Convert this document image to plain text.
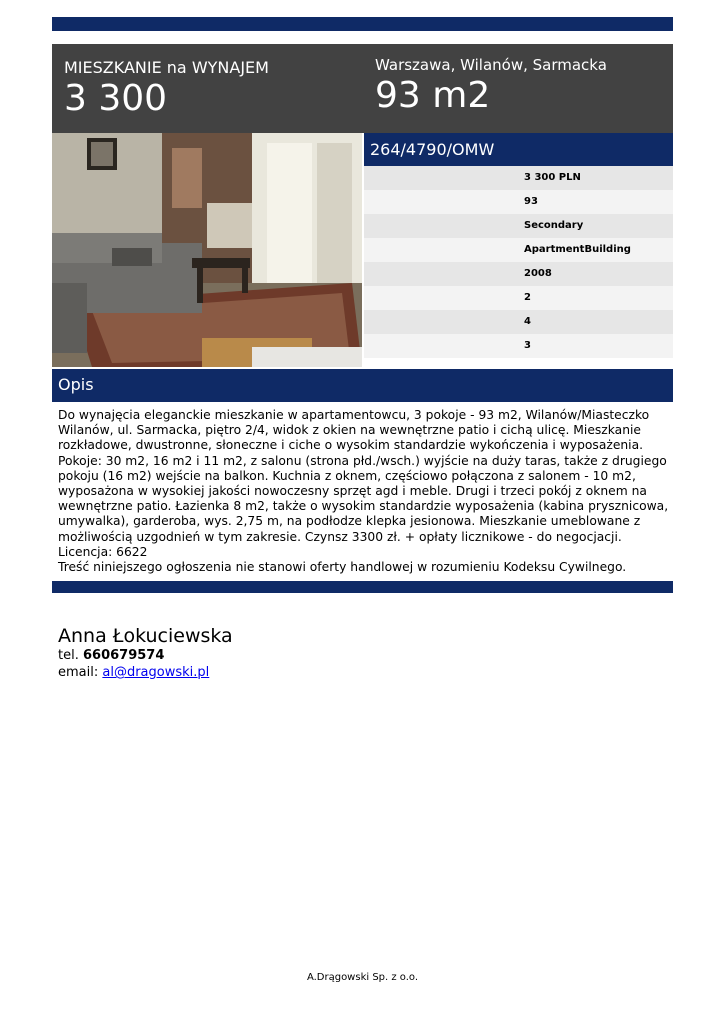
MIESZKANIE na WYNAJEM
3 300
Warszawa, Wilanów, Sarmacka
93 m2
264/4790/OMW
3 300 PLN
93
Secondary
ApartmentBuilding
2008
2
4
3
Opis

Do wynajęcia eleganckie mieszkanie w apartamentowcu, 3 pokoje - 93 m2, Wilanów/Miasteczko Wilanów, ul. Sarmacka, piętro 2/4, widok z okien na wewnętrzne patio i cichą ulicę. Mieszkanie rozkładowe, dwustronne, słoneczne i ciche o wysokim standardzie wykończenia i wyposażenia. Pokoje: 30 m2, 16 m2 i 11 m2, z salonu (strona płd./wsch.) wyjście na duży taras, także z drugiego pokoju (16 m2) wejście na balkon. Kuchnia z oknem, częściowo połączona z salonem - 10 m2, wyposażona w wysokiej jakości nowoczesny sprzęt agd i meble. Drugi i trzeci pokój z oknem na wewnętrzne patio. Łazienka 8 m2, także o wysokim standardzie wyposażenia (kabina prysznicowa, umywalka), garderoba, wys. 2,75 m, na podłodze klepka jesionowa. Mieszkanie umeblowane z możliwością uzgodnień w tym zakresie. Czynsz 3300 zł. + opłaty licznikowe - do negocjacji.

Licencja: 6622

Treść niniejszego ogłoszenia nie stanowi oferty handlowej w rozumieniu Kodeksu Cywilnego.

Anna Łokuciewska
tel. 660679574
email: al@dragowski.pl
A.Drągowski Sp. z o.o.
